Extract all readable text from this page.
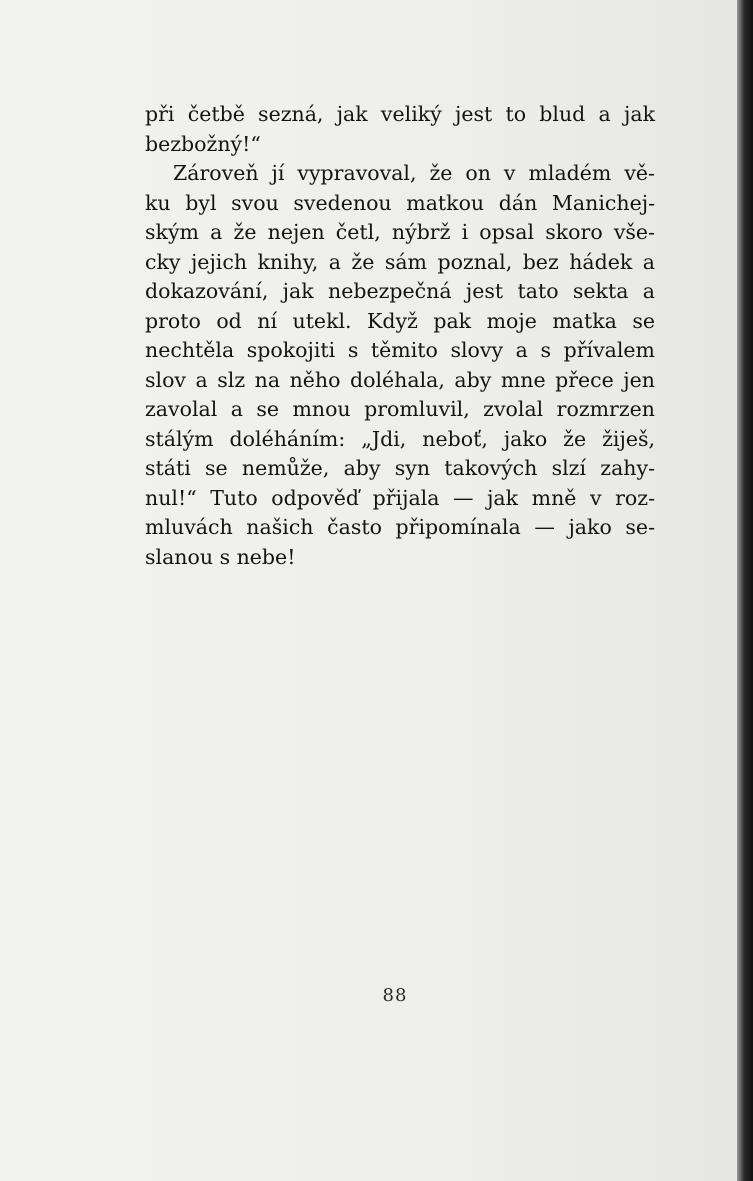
při četbě sezná, jak veliký jest to blud a jak
bezbožný!“
Zároveň jí vypravoval, že on v mladém vě-
ku byl svou svedenou matkou dán Manichej-
ským a že nejen četl, nýbrž i opsal skoro vše-
cky jejich knihy, a že sám poznal, bez hádek a
dokazování, jak nebezpečná jest tato sekta a
proto od ní utekl. Když pak moje matka se
nechtěla spokojiti s těmito slovy a s přívalem
slov a slz na něho doléhala, aby mne přece jen
zavolal a se mnou promluvil, zvolal rozmrzen
stálým doléháním: „Jdi, neboť, jako že žiješ,
státi se nemůže, aby syn takových slzí zahy-
nul!“ Tuto odpověď přijala — jak mně v roz-
mluvách našich často připomínala — jako se-
slanou s nebe!
88
